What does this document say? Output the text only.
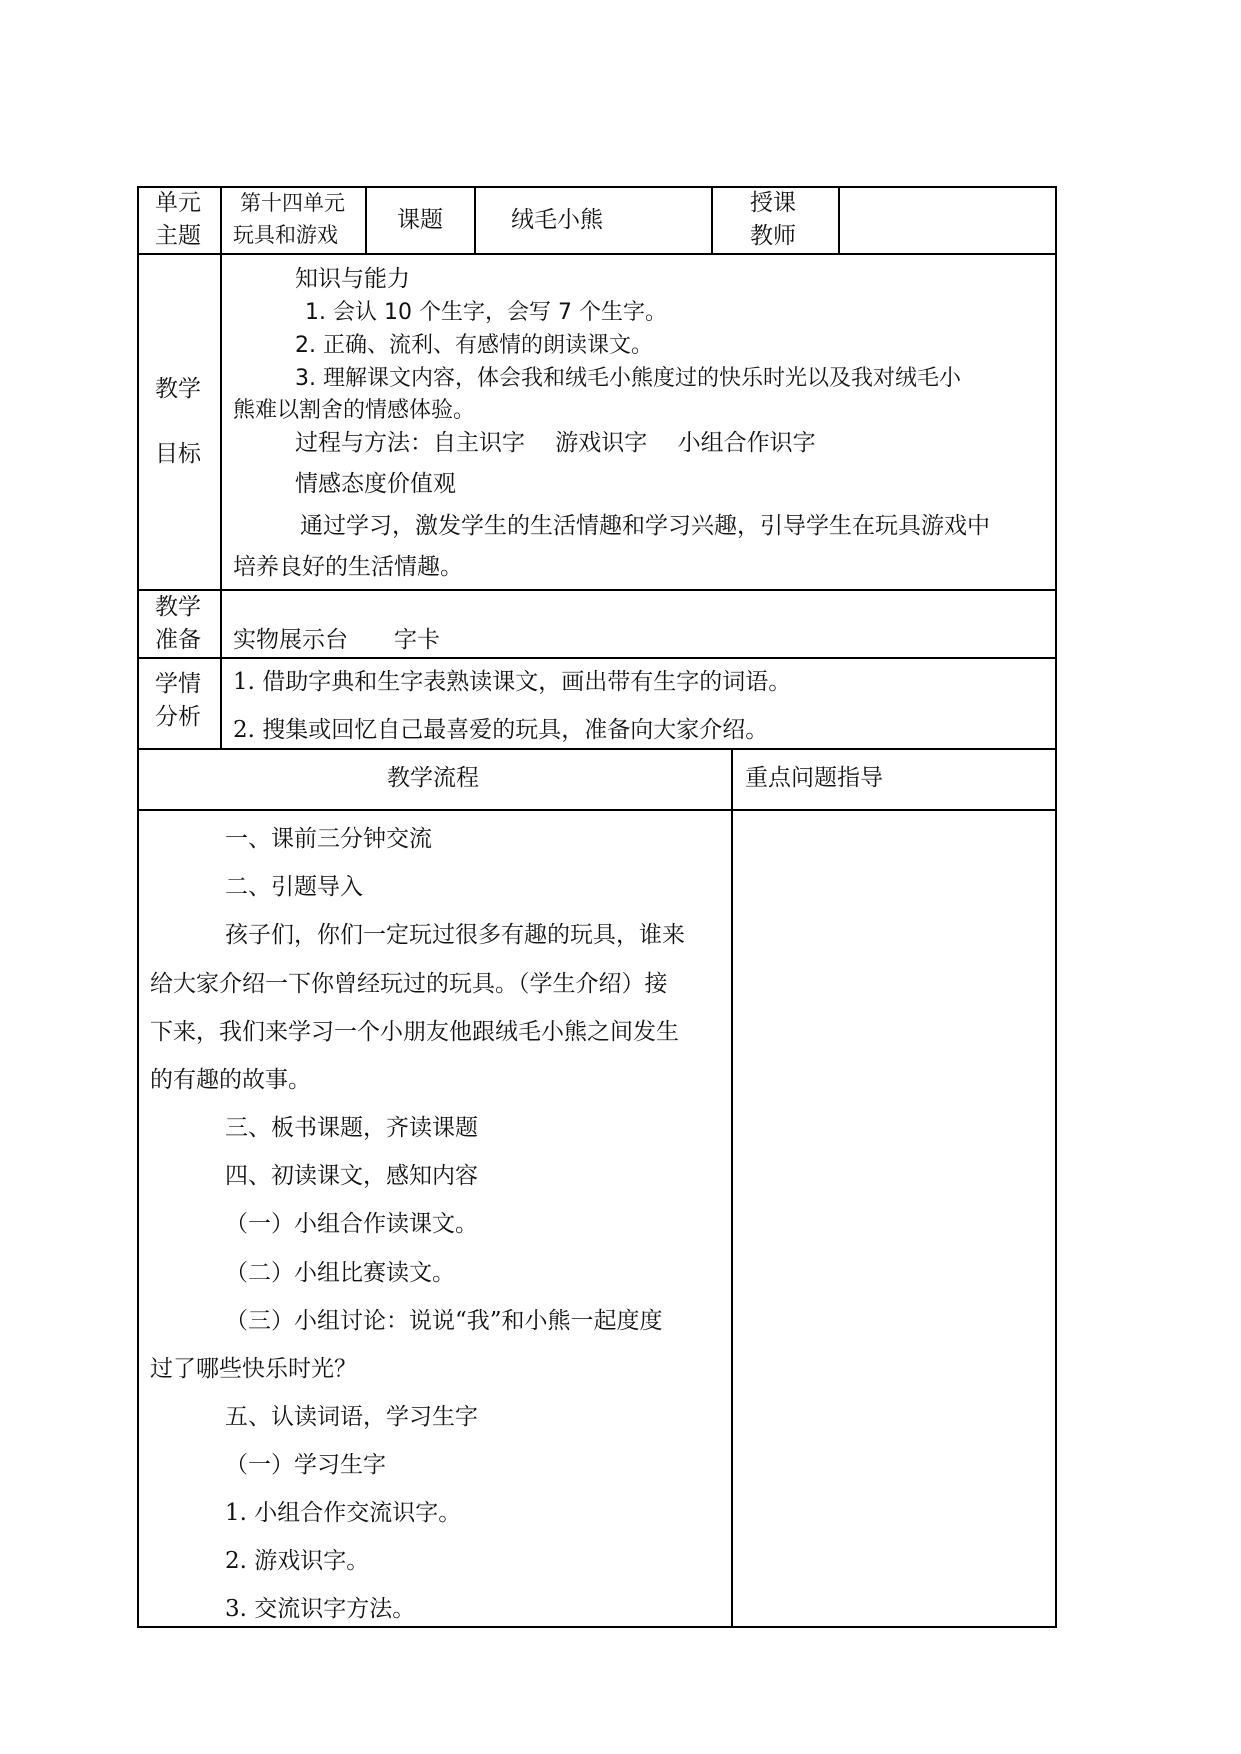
单元
主题
第十四单元
玩具和游戏
课题	绒毛小熊
授课
教师
教学
目标
知识与能力
1. 会认 10 个生字，会写 7 个生字。
2. 正确、流利、有感情的朗读课文。
3. 理解课文内容，体会我和绒毛小熊度过的快乐时光以及我对绒毛小
熊难以割舍的情感体验。
过程与方法：自主识字　 游戏识字　 小组合作识字
情感态度价值观
通过学习，激发学生的生活情趣和学习兴趣，引导学生在玩具游戏中
培养良好的生活情趣。
教学
准备 实物展示台　　字卡
学情
分析
1. 借助字典和生字表熟读课文，画出带有生字的词语。
2. 搜集或回忆自己最喜爱的玩具，准备向大家介绍。
教学流程	重点问题指导
一、课前三分钟交流
二、引题导入
孩子们，你们一定玩过很多有趣的玩具，谁来
给大家介绍一下你曾经玩过的玩具。（学生介绍）接
下来，我们来学习一个小朋友他跟绒毛小熊之间发生
的有趣的故事。
三、板书课题，齐读课题
四、初读课文，感知内容
（一）小组合作读课文。
（二）小组比赛读文。
（三）小组讨论：说说“我”和小熊一起度度
过了哪些快乐时光？
五、认读词语，学习生字
（一）学习生字
1. 小组合作交流识字。
2. 游戏识字。
3. 交流识字方法。
